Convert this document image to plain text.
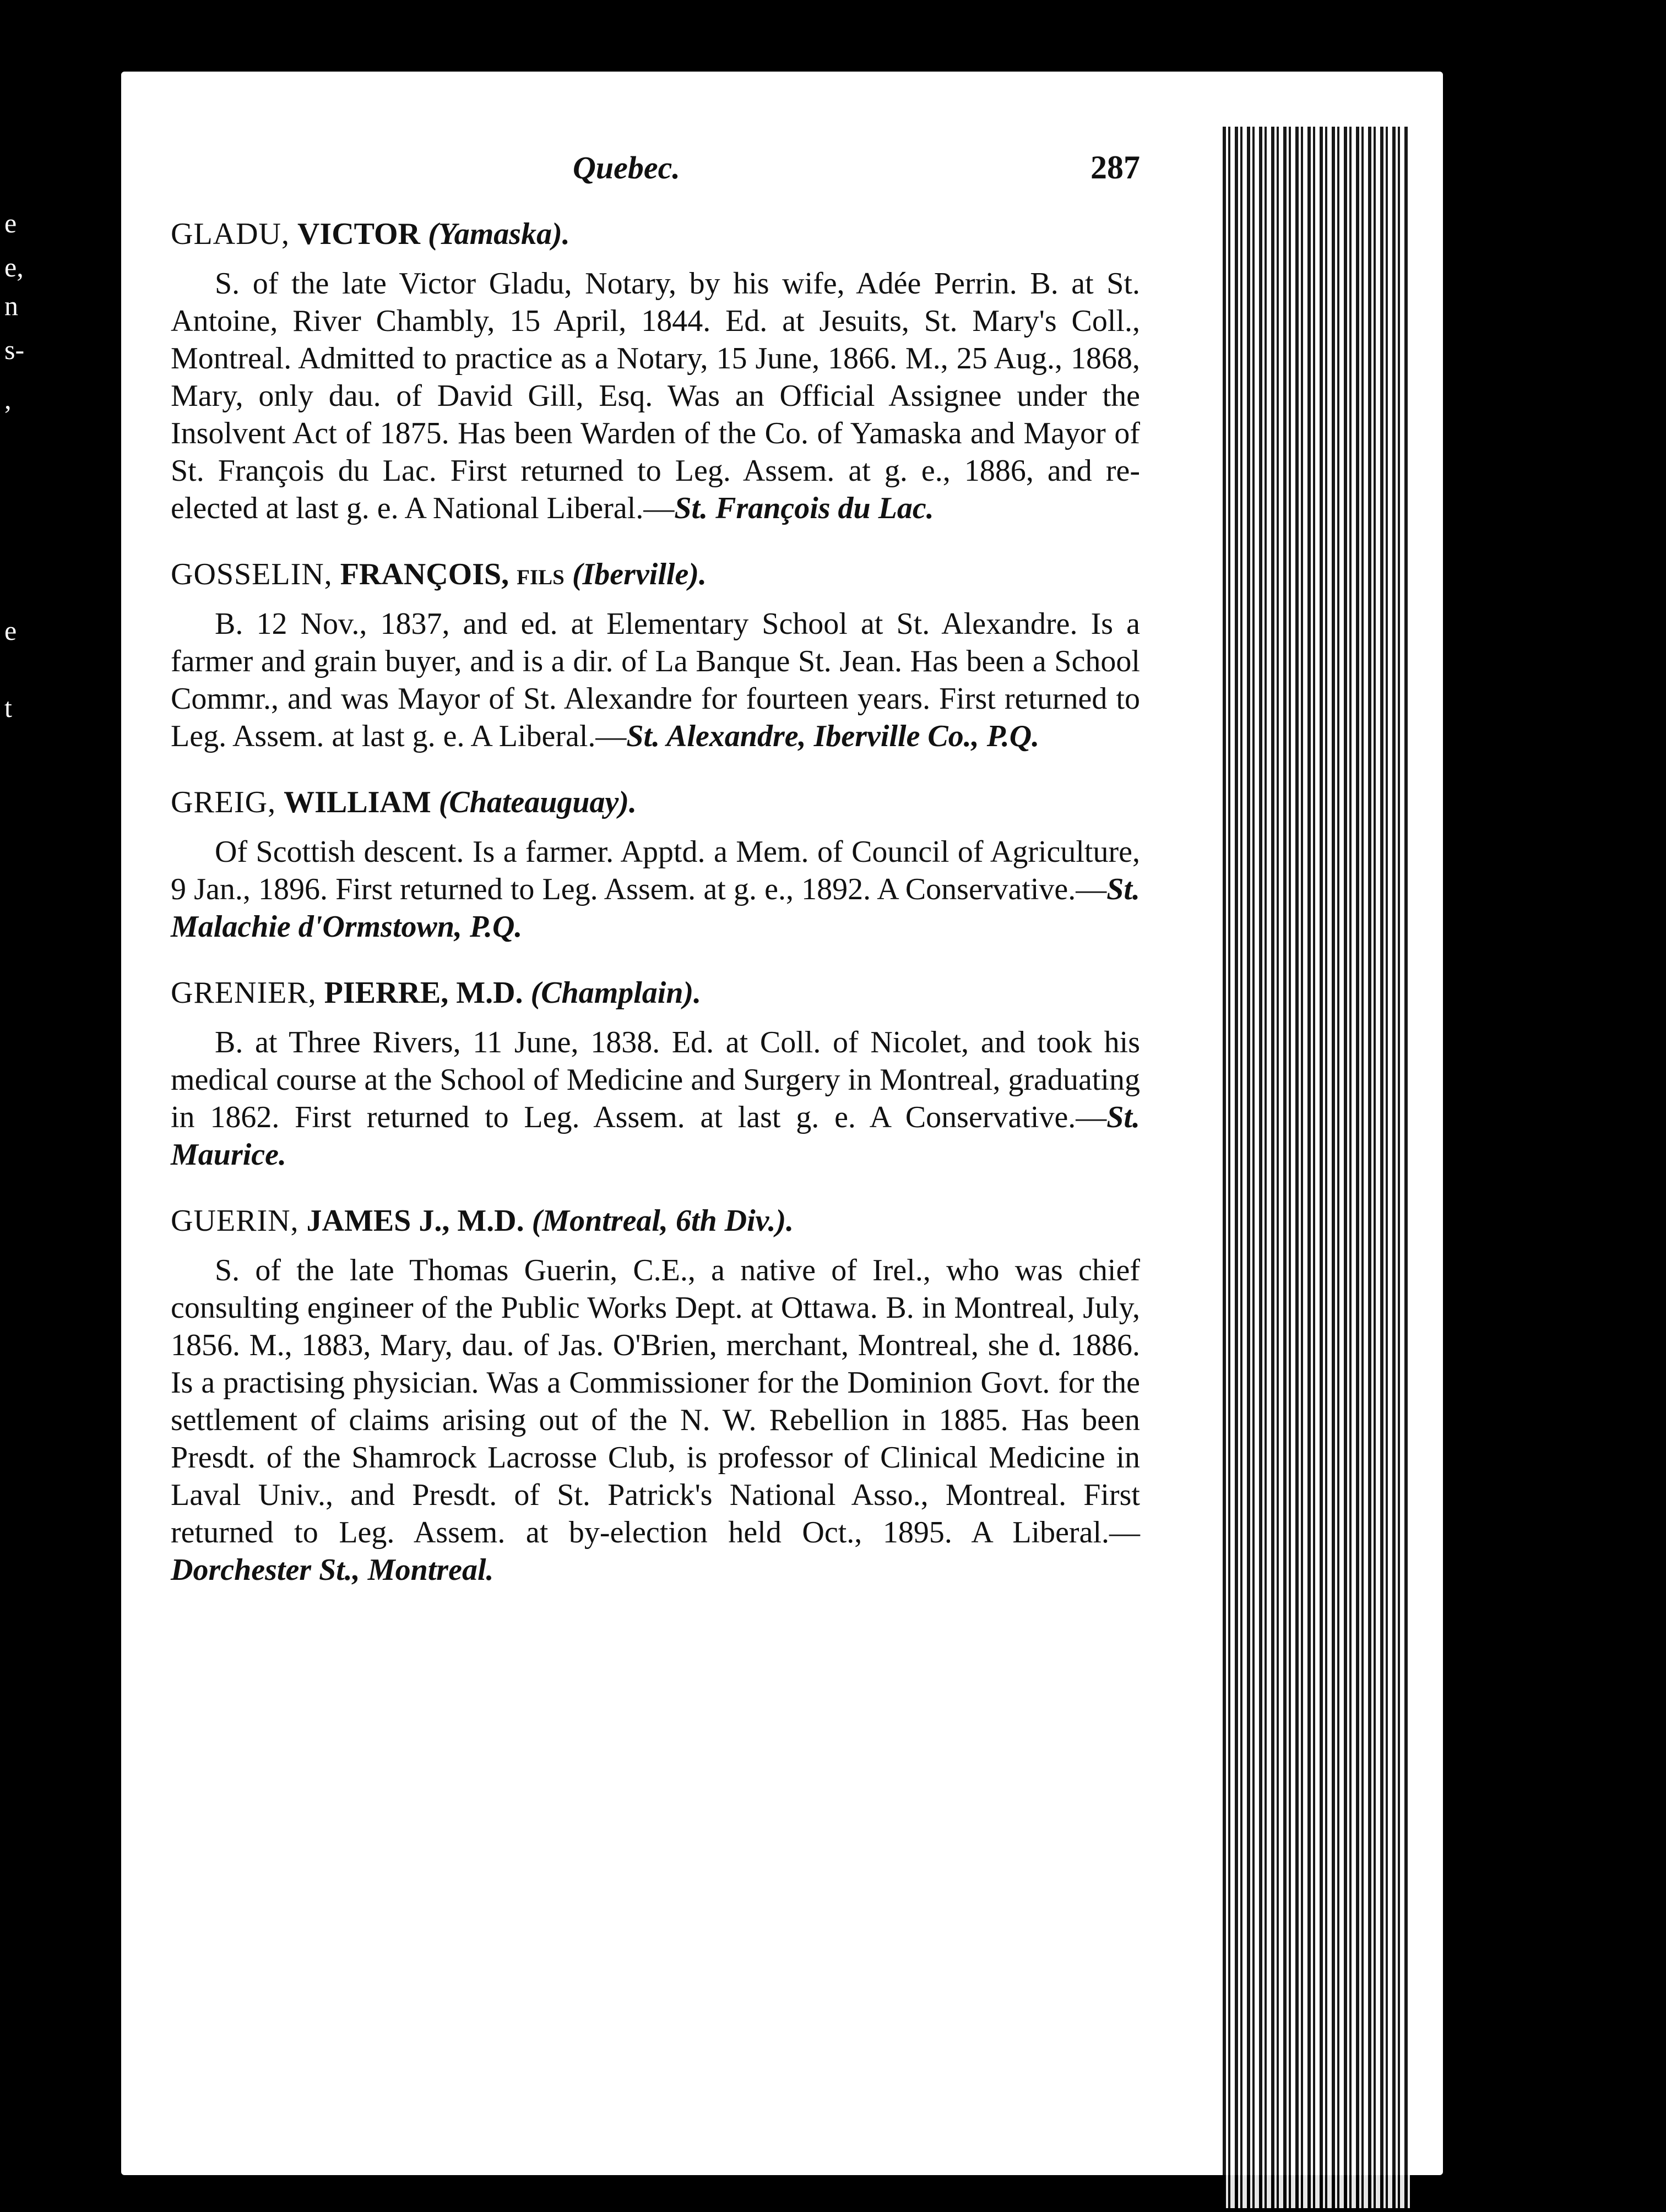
e
e,
n
s-
,
e
t
Quebec.	287

GLADU, VICTOR (Yamaska).

S. of the late Victor Gladu, Notary, by his wife, Adée Perrin. B. at St. Antoine, River Chambly, 15 April, 1844. Ed. at Jesuits, St. Mary's Coll., Montreal. Admitted to practice as a Notary, 15 June, 1866. M., 25 Aug., 1868, Mary, only dau. of David Gill, Esq. Was an Official Assignee under the Insolvent Act of 1875. Has been Warden of the Co. of Yamaska and Mayor of St. François du Lac. First returned to Leg. Assem. at g. e., 1886, and re-elected at last g. e. A National Liberal.—St. François du Lac.

GOSSELIN, FRANÇOIS, fils (Iberville).

B. 12 Nov., 1837, and ed. at Elementary School at St. Alexandre. Is a farmer and grain buyer, and is a dir. of La Banque St. Jean. Has been a School Commr., and was Mayor of St. Alexandre for fourteen years. First returned to Leg. Assem. at last g. e. A Liberal.—St. Alexandre, Iberville Co., P.Q.

GREIG, WILLIAM (Chateauguay).

Of Scottish descent. Is a farmer. Apptd. a Mem. of Council of Agriculture, 9 Jan., 1896. First returned to Leg. Assem. at g. e., 1892. A Conservative.—St. Malachie d'Ormstown, P.Q.

GRENIER, PIERRE, M.D. (Champlain).

B. at Three Rivers, 11 June, 1838. Ed. at Coll. of Nicolet, and took his medical course at the School of Medicine and Surgery in Montreal, graduating in 1862. First returned to Leg. Assem. at last g. e. A Conservative.—St. Maurice.

GUERIN, JAMES J., M.D. (Montreal, 6th Div.).

S. of the late Thomas Guerin, C.E., a native of Irel., who was chief consulting engineer of the Public Works Dept. at Ottawa. B. in Montreal, July, 1856. M., 1883, Mary, dau. of Jas. O'Brien, merchant, Montreal, she d. 1886. Is a practising physician. Was a Commissioner for the Dominion Govt. for the settlement of claims arising out of the N. W. Rebellion in 1885. Has been Presdt. of the Shamrock Lacrosse Club, is professor of Clinical Medicine in Laval Univ., and Presdt. of St. Patrick's National Asso., Montreal. First returned to Leg. Assem. at by-election held Oct., 1895. A Liberal.—Dorchester St., Montreal.
